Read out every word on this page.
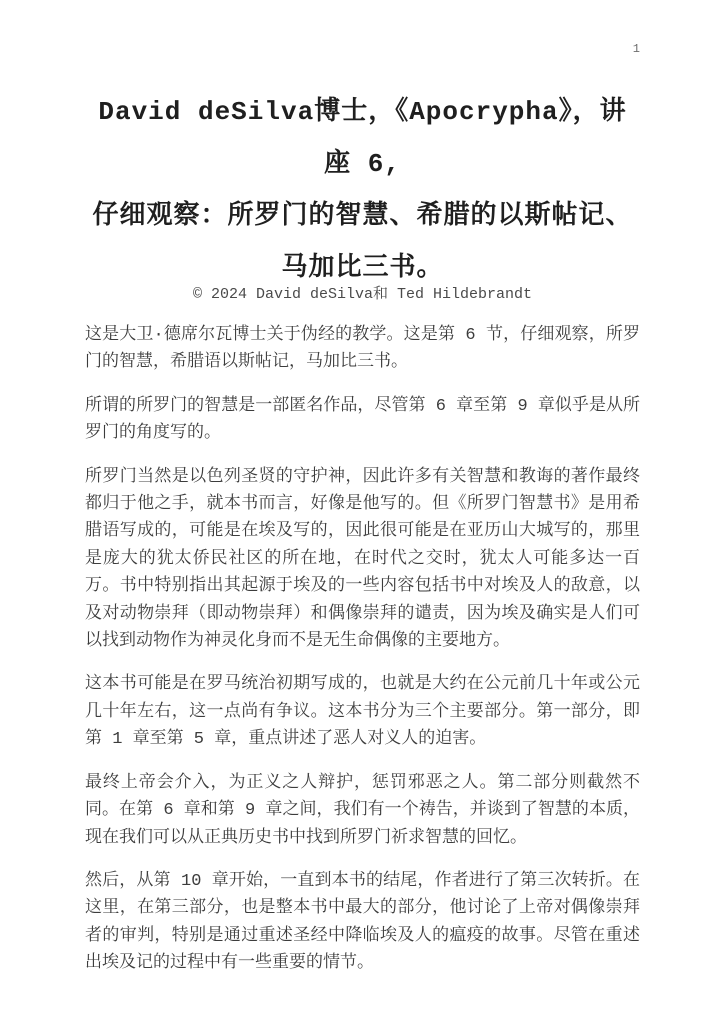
1
David deSilva博士，《Apocrypha》，讲座 6,
仔细观察：所罗门的智慧、希腊的以斯帖记、
马加比三书。
© 2024 David deSilva和 Ted Hildebrandt

这是大卫·德席尔瓦博士关于伪经的教学。这是第 6 节，仔细观察，所罗门的智慧，希腊语以斯帖记，马加比三书。

所谓的所罗门的智慧是一部匿名作品，尽管第 6 章至第 9 章似乎是从所罗门的角度写的。

所罗门当然是以色列圣贤的守护神，因此许多有关智慧和教诲的著作最终都归于他之手，就本书而言，好像是他写的。但《所罗门智慧书》是用希腊语写成的，可能是在埃及写的，因此很可能是在亚历山大城写的，那里是庞大的犹太侨民社区的所在地，在时代之交时，犹太人可能多达一百万。书中特别指出其起源于埃及的一些内容包括书中对埃及人的敌意，以及对动物崇拜（即动物崇拜）和偶像崇拜的谴责，因为埃及确实是人们可以找到动物作为神灵化身而不是无生命偶像的主要地方。

这本书可能是在罗马统治初期写成的，也就是大约在公元前几十年或公元几十年左右，这一点尚有争议。这本书分为三个主要部分。第一部分，即第 1 章至第 5 章，重点讲述了恶人对义人的迫害。

最终上帝会介入，为正义之人辩护，惩罚邪恶之人。第二部分则截然不同。在第 6 章和第 9 章之间，我们有一个祷告，并谈到了智慧的本质，现在我们可以从正典历史书中找到所罗门祈求智慧的回忆。

然后，从第 10 章开始，一直到本书的结尾，作者进行了第三次转折。在这里，在第三部分，也是整本书中最大的部分，他讨论了上帝对偶像崇拜者的审判，特别是通过重述圣经中降临埃及人的瘟疫的故事。尽管在重述出埃及记的过程中有一些重要的情节。
